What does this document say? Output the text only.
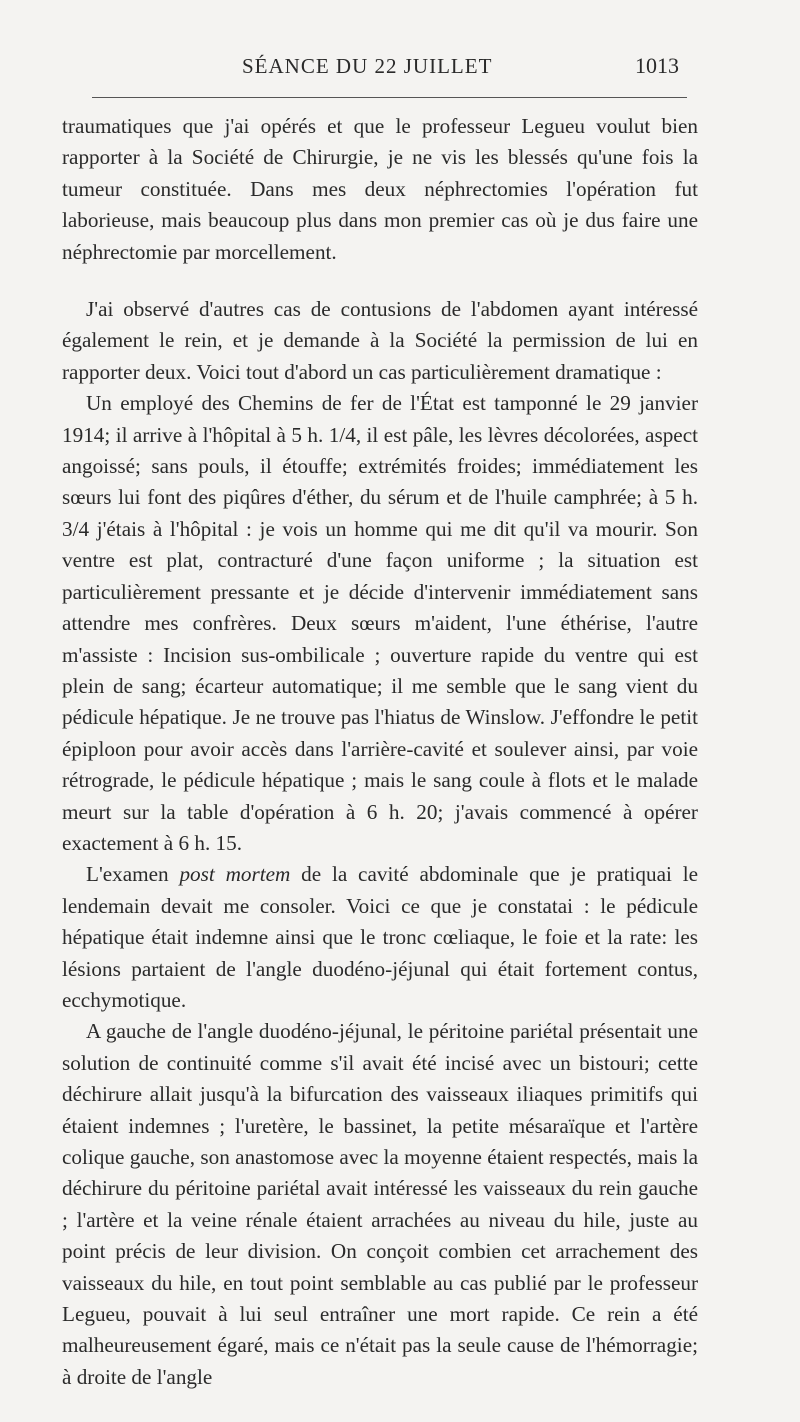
SÉANCE DU 22 JUILLET	1013

traumatiques que j'ai opérés et que le professeur Legueu voulut bien rapporter à la Société de Chirurgie, je ne vis les blessés qu'une fois la tumeur constituée. Dans mes deux néphrectomies l'opération fut laborieuse, mais beaucoup plus dans mon premier cas où je dus faire une néphrectomie par morcellement.

J'ai observé d'autres cas de contusions de l'abdomen ayant intéressé également le rein, et je demande à la Société la permission de lui en rapporter deux. Voici tout d'abord un cas particulièrement dramatique :

Un employé des Chemins de fer de l'État est tamponné le 29 janvier 1914; il arrive à l'hôpital à 5 h. 1/4, il est pâle, les lèvres décolorées, aspect angoissé; sans pouls, il étouffe; extrémités froides; immédiatement les sœurs lui font des piqûres d'éther, du sérum et de l'huile camphrée; à 5 h. 3/4 j'étais à l'hôpital : je vois un homme qui me dit qu'il va mourir. Son ventre est plat, contracturé d'une façon uniforme ; la situation est particulièrement pressante et je décide d'intervenir immédiatement sans attendre mes confrères. Deux sœurs m'aident, l'une éthérise, l'autre m'assiste : Incision sus-ombilicale ; ouverture rapide du ventre qui est plein de sang; écarteur automatique; il me semble que le sang vient du pédicule hépatique. Je ne trouve pas l'hiatus de Winslow. J'effondre le petit épiploon pour avoir accès dans l'arrière-cavité et soulever ainsi, par voie rétrograde, le pédicule hépatique ; mais le sang coule à flots et le malade meurt sur la table d'opération à 6 h. 20; j'avais commencé à opérer exactement à 6 h. 15.

L'examen post mortem de la cavité abdominale que je pratiquai le lendemain devait me consoler. Voici ce que je constatai : le pédicule hépatique était indemne ainsi que le tronc cœliaque, le foie et la rate: les lésions partaient de l'angle duodéno-jéjunal qui était fortement contus, ecchymotique.

A gauche de l'angle duodéno-jéjunal, le péritoine pariétal présentait une solution de continuité comme s'il avait été incisé avec un bistouri; cette déchirure allait jusqu'à la bifurcation des vaisseaux iliaques primitifs qui étaient indemnes ; l'uretère, le bassinet, la petite mésaraïque et l'artère colique gauche, son anastomose avec la moyenne étaient respectés, mais la déchirure du péritoine pariétal avait intéressé les vaisseaux du rein gauche ; l'artère et la veine rénale étaient arrachées au niveau du hile, juste au point précis de leur division. On conçoit combien cet arrachement des vaisseaux du hile, en tout point semblable au cas publié par le professeur Legueu, pouvait à lui seul entraîner une mort rapide. Ce rein a été malheureusement égaré, mais ce n'était pas la seule cause de l'hémorragie; à droite de l'angle
